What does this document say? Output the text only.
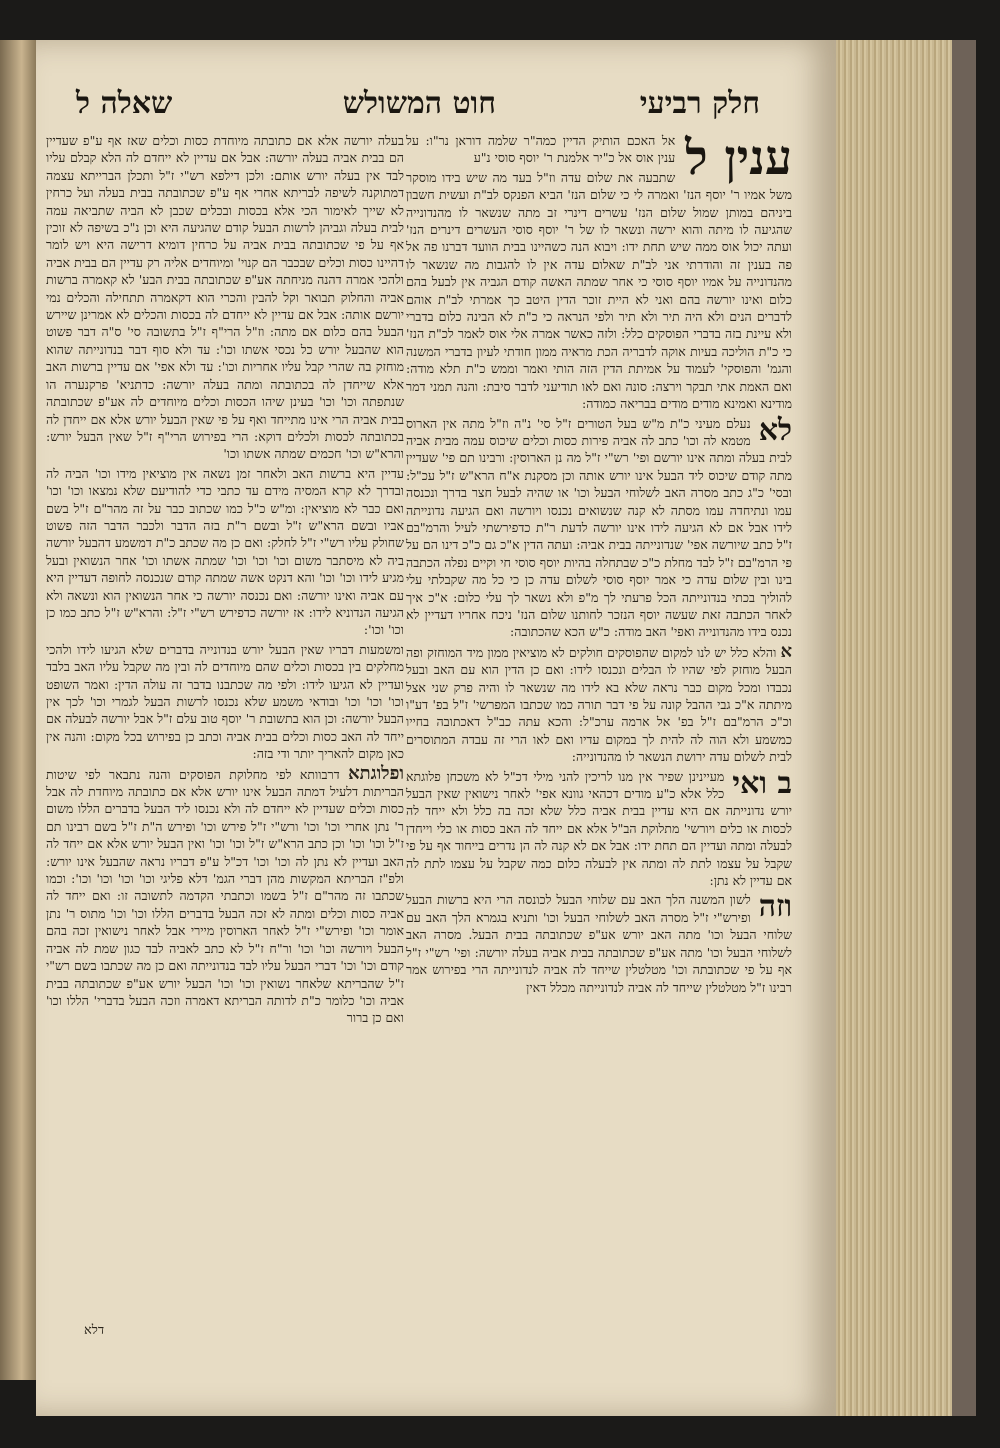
חלק רביעי
חוט המשולש
שאלה ל
ענין ל

אל האכם הותיק הדיין כמה"ר שלמה דוראן נר"ו: על ענין אוס אל כ"יר אלמנת ר' יוסף סוסי נ"ע

שתבעה את שלום עדה וז"ל בעד מה שיש בידו מוסקר משל אמיו ר' יוסף הנז' ואמרה לי כי שלום הנז' הביא הפנקס לב"ת ועשית חשבון ביניהם במותן שמול שלום הנז' עשרים דינרי זב מתה שנשאר לו מהנדונייה שהגיעה לו מיתה והוא ירשה ונשאר לו של ר' יוסף סוסי העשרים דינרים הנז' ועתה יכול אוס ממה שיש תחת ידו: ויבוא הנה כשהיינו בבית הוועד דברנו פה אל פה בענין זה והודרתי אני לב"ת שאלום עדה אין לו להגבות מה שנשאר לו מהנדונייה על אמיו יוסף סוסי כי אחר שמתה האשה קודם הגביה אין לבעל בהם כלום ואינו יורשה בהם ואני לא היית זוכר הדין היטב כך אמרתי לב"ת אוהם לדברים הנים ולא היה תיר ולא תיר ולפי הנראה כי כ"ת לא הבינה כלום בדברי ולא עיינת בזה בדברי הפוסקים כלל: ולזה כאשר אמרה אלי אוס לאמר לכ"ת הנז' כי כ"ת הוליכה בעיות אוקה לדבריה הכת מראיה ממון חודתי לעיון בדברי המשנה והגמ' והפוסקי' לעמוד על אמיתת הדין הזה הותי ואמר וממש כ"ת תלא מודה: ואם האמת אתי תבקר וירצה: סונה ואם לאו תודיעני לדבר סיבת: והנה תמני דמר מודינא ואמינא מודים מודים בבריאה כמודה:

לא
נעלם מעיני כ"ת מ"ש בעל הטורים ז"ל סי' נ"ה וז"ל מתה אין הארוס מטמא לה וכו' כתב לה אביה פירות כסות וכלים שיכוס עמה מבית אביה לבית בעלה ומתה אינו יורשם ופי' רש"י ז"ל מה נן הארוסין: ורבינו תם פי' שעדיין מתה קודם שיכוס ליד הבעל אינו יורש אותה וכן מסקנת א"ח הרא"ש ז"ל עכ"ל: ובסי' כ"ג כתב מסרה האב לשלוחי הבעל וכו' או שהיה לבעל חצר בדרך ונכנסה עמו ונתיחדה עמו מסתה לא קנה שנשואים נכנסו ויורשה ואם הגיעה נדונייתה לידו אבל אם לא הגיעה לידו אינו יורשה לדעת ר"ת כדפירשתי לעיל והרמ"בם ז"ל כתב שיורשה אפי' שנדונייתה בבית אביה: ועתה הדין א"כ גם כ"כ דינו הם על פי הרמ"בם ז"ל לבד מחלת כ"כ שבתחלה בהיות יוסף סוסי חי וקיים נפלה הכתבה בינו ובין שלום עדה כי אמר יוסף סוסי לשלום עדה כן כי כל מה שקבלתי עלי להוליך בכתי בנדונייתה הכל פרעתי לך מ"פ ולא נשאר לך עלי כלום: א"כ איך לאחר הכתבה זאת שעשה יוסף הנזכר לחותנו שלום הנז' ניכח אחריו דעדיין לא נכנס בידו מהנדונייה ואפי' האב מודה: כ"ש הכא שהכתובה:

א והלא כלל יש לנו למקום שהפוסקים חולקים לא מוציאין ממון מיד המוחזק ופה הבעל מוחזק לפי שהיו לו הבלים ונכנסו לידו: ואם כן הדין הוא עם האב ובעל נכבדו ומכל מקום כבר נראה שלא בא לידו מה שנשאר לו והיה פרק שני אצל מיתתה א"כ גבי ההבל קונה על פי דבר תורה כמו שכתבו המפרשי' ז"ל בפ' דע"ו וכ"כ הרמ"בם ז"ל בפ' אל ארמה ערכ"ל: והכא עתה כב"ל דאכתובה בחייו כמשמע ולא הוה לה להית לך במקום עדיו ואם לאו הרי זה עבדה המתוסרים לבית לשלום עדה ירושת הנשאר לו מהנדונייה:

ב ואי
מעיינינן שפיר אין מנו לריכין להני מילי דכ"ל לא משכחן פלוגתא כלל אלא כ"ע מודים דכהאי גוונא אפי' לאחר נישואין שאין הבעל יורש נדונייתה אם היא עדיין בבית אביה כלל שלא זכה בה כלל ולא ייחד לה לכסות או כלים ויורשי' מתלוקת הב"ל אלא אם ייחד לה האב כסות או כלי וייחדן לבעלה ומתה ועדיין הם תחת ידו: אבל אם לא קנה לה הן נדרים בייחוד אף על פי שקבל על עצמו לתת לה ומתה אין לבעלה כלום כמה שקבל על עצמו לתת לה אם עדיין לא נתן:

וזה
לשון המשנה הלך האב עם שלוחי הבעל לכונסה הרי היא ברשות הבעל ופירש"י ז"ל מסרה האב לשלוחי הבעל וכו' ותניא בגמרא הלך האב עם שלוחי הבעל וכו' מתה האב יורש אע"פ שכתובתה בבית הבעל. מסרה האב לשלוחי הבעל וכו' מתה אע"פ שכתובתה בבית אביה בעלה יורשה: ופי' רש"י ז"ל אף על פי שכתובתה וכו' מטלטלין שייחד לה אביה לנדונייתה הרי בפירוש אמר רבינו ז"ל מטלטלין שייחד לה אביה לנדונייתה מכלל דאין

בעלה יורשה אלא אם כתובתה מיוחדת כסות וכלים שאז אף ע"פ שעדיין הם בבית אביה בעלה יורשה: אבל אם עדיין לא ייחדם לה הלא קבלם עליו לבד אין בעלה יורש אותם: ולכן דילפא רש"י ז"ל ותכלן הברייתא עצמה דמתוקנה לשיפה לבריתא אחרי אף ע"פ שכתובתה בבית בעלה ועל כרחין לא שייך לאימור הכי אלא בכסות ובכלים שכבן לא הביה שתביאה עמה לבית בעלה וגביהן לרשות הבעל קודם שהגיעה היא וכן נ"כ בשיפה לא זוכין אף על פי שכתובתה בבית אביה על כרחין דומיא דרישה היא ויש לומר דהיינו כסות וכלים שבכבר הם קנוי' ומיוחדים אליה רק עדיין הם בבית אביה ולהכי אמרה דהנה מניחתה אע"פ שכתובתה בבית הבע' לא קאמרה ברשות אביה והחלוק תבואר וקל להבין והכרי הוא דקאמרה תתחילה והכלים נמי יורשם אותה: אבל אם עדיין לא ייחדם לה בכסות והכלים לא אמרינן שיירש הבעל בהם כלום אם מתה: וז"ל הרי"ף ז"ל בתשובה סי' ס"ה דבר פשוט הוא שהבעל יורש כל נכסי אשתו וכו': עד ולא סוף דבר בנדונייתה שהוא מוחזק בה שהרי קבל עליו אחריות וכו': עד ולא אפי' אם עדיין ברשות האב אלא שייחדן לה בכתובתה ומתה בעלה יורשה: כדתניא' פרקנערה הו שנתפתה וכו' וכו' בעינן שיהו הכסות וכלים מיוחדים לה אע"פ שכתובתה בבית אביה הרי אינו מתייחד ואף על פי שאין הבעל יורש אלא אם ייחדן לה בכתובתה לכסות ולכלים דוקא: הרי בפירוש הרי"ף ז"ל שאין הבעל יורש: והרא"ש וכו' חכמים שמתה אשתו וכו'

עדיין היא ברשות האב ולאחר זמן נשאה אין מוציאין מידו וכו' הביה לה ובדרך לא קרא המסיה מידם עד כתבי כדי להודיעם שלא נמצאו וכו' וכו' ואם כבר לא מוציאין: ומ"ש כ"ל כמו שכתוב כבר על זה מהר"ם ז"ל בשם אביו ובשם הרא"ש ז"ל ובשם ר"ת בזה הדבר ולכבר הדבר הזה פשוט שחולק עליו רש"י ז"ל לחלק: ואם כן מה שכתב כ"ת דמשמע דהבעל יורשה ביה לא מיסתבר משום וכו' וכו' וכו' שמתה אשתו וכו' אחר הנשואין ובעל מגיע לידו וכו' וכו' והא דנקט אשה שמתה קודם שנכנסה לחופה דעדיין היא עם אביה ואינו יורשה: ואם נכנסה יורשה כי אחר הנשואין הוא ונשאה ולא הגיעה הנדוניא לידו: אז יורשה כדפירש רש"י ז"ל: והרא"ש ז"ל כתב כמו כן וכו' וכו':

ומשמעות דבריו שאין הבעל יורש בנדונייה בדברים שלא הגיעו לידו ולהכי מחלקים בין בכסות וכלים שהם מיוחדים לה ובין מה שקבל עליו האב בלבד ועדיין לא הגיעו לידו: ולפי מה שכתבנו בדבר זה עולה הדין: ואמר השופט וכו' וכו' וכו' ובודאי משמע שלא נכנסו לרשות הבעל לגמרי וכו' לכך אין הבעל יורשה: וכן הוא בתשובת ר' יוסף טוב עלם ז"ל אבל יורשה לבעלה אם ייחד לה האב כסות וכלים בבית אביה וכתב כן בפירוש בכל מקום: והנה אין כאן מקום להאריך יותר ודי בזה:

ופלוגתא דרבוותא לפי מחלוקת הפוסקים והנה נתבאר לפי שיטות הבריתות דלעיל דמתה הבעל אינו יורש אלא אם כתובתה מיוחדת לה אבל כסות וכלים שעדיין לא ייחדם לה ולא נכנסו ליד הבעל בדברים הללו משום ר' נתן אחרי וכו' וכו' ורש"י ז"ל פירש וכו' ופירש ה"ת ז"ל בשם רבינו תם ז"ל וכו' וכו' וכן כתב הרא"ש ז"ל וכו' וכו' ואין הבעל יורש אלא אם ייחד לה האב ועדיין לא נתן לה וכו' וכו' דכ"ל ע"פ דבריו נראה שהבעל אינו יורש: ולפ"ז הבריתא המקשות מהן דברי הגמ' דלא פליגי וכו' וכו' וכו' וכו': וכמו שכתבו זה מהר"ם ז"ל בשמו וכתבתי הקדמה לתשובה זו: ואם ייחד לה אביה כסות וכלים ומתה לא זכה הבעל בדברים הללו וכו' וכו' מתוס ר' נתן אומר וכו' ופירש"י ז"ל לאחר הארוסין מיירי אבל לאחר נישואין זכה בהם הבעל ויורשה וכו' וכו' ור"ח ז"ל לא כתב לאביה לבד כגון שמת לה אביה קודם וכו' וכו' דברי הבעל עליו לבד בנדונייתה ואם כן מה שכתבו בשם רש"י ז"ל שהבריתא שלאחר נשואין וכו' וכו' הבעל יורש אע"פ שכתובתה בבית אביה וכו' כלומר כ"ת לדותה הבריתא דאמרה וזכה הבעל בדברי' הללו וכו' ואם כן ברור

דלא
